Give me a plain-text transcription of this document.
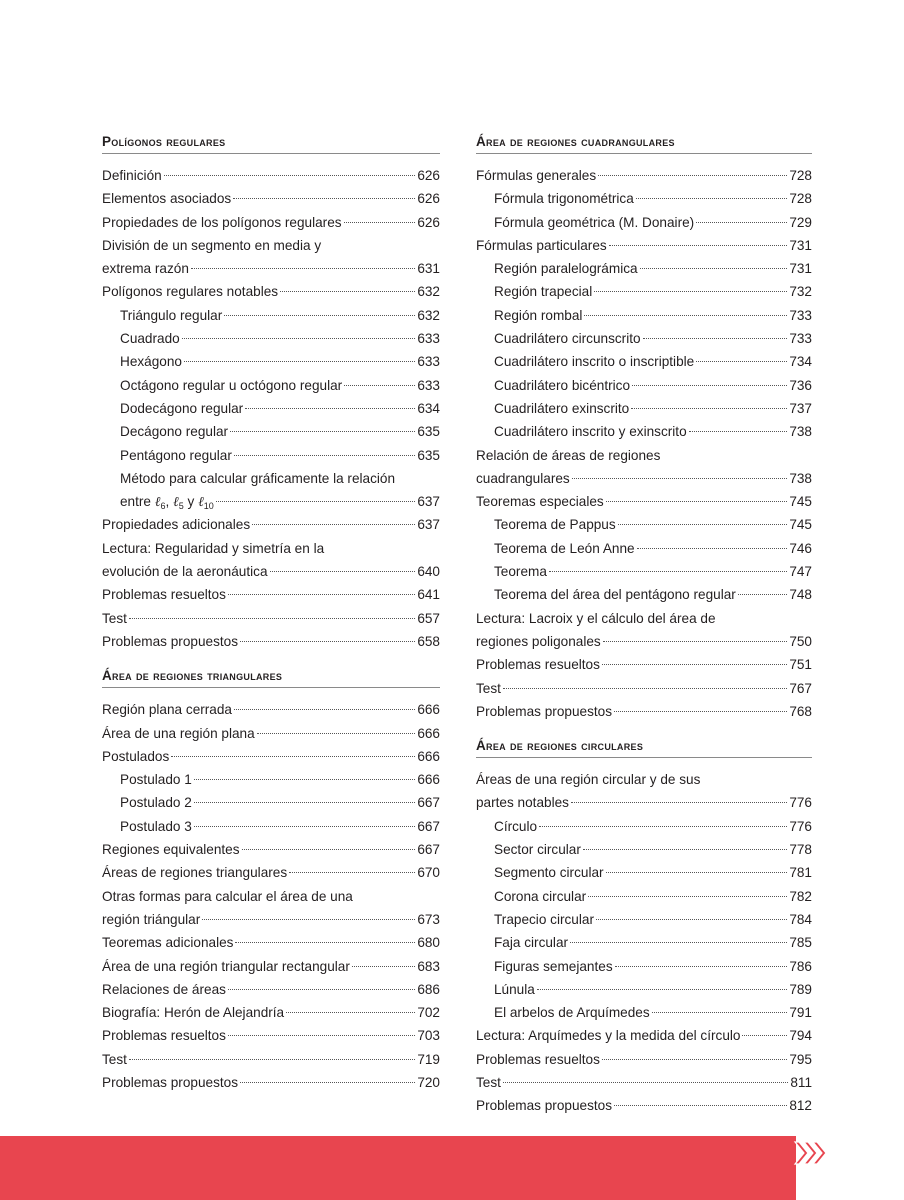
Polígonos regulares
Definición	626
Elementos asociados	626
Propiedades de los polígonos regulares	626
División de un segmento en media y
extrema razón	631
Polígonos regulares notables	632
Triángulo regular	632
Cuadrado	633
Hexágono	633
Octágono regular u octógono regular	633
Dodecágono regular	634
Decágono regular	635
Pentágono regular	635
Método para calcular gráficamente la relación
entre ℓ$_6$, ℓ$_5$ y ℓ$_{10}$	637
Propiedades adicionales	637
Lectura: Regularidad y simetría en la
evolución de la aeronáutica	640
Problemas resueltos	641
Test	657
Problemas propuestos	658
Área de regiones triangulares
Región plana cerrada	666
Área de una región plana	666
Postulados	666
Postulado 1	666
Postulado 2	667
Postulado 3	667
Regiones equivalentes	667
Áreas de regiones triangulares	670
Otras formas para calcular el área de una
región triángular	673
Teoremas adicionales	680
Área de una región triangular rectangular	683
Relaciones de áreas	686
Biografía: Herón de Alejandría	702
Problemas resueltos	703
Test	719
Problemas propuestos	720
Área de regiones cuadrangulares
Fórmulas generales	728
Fórmula trigonométrica	728
Fórmula geométrica (M. Donaire)	729
Fórmulas particulares	731
Región paralelográmica	731
Región trapecial	732
Región rombal	733
Cuadrilátero circunscrito	733
Cuadrilátero inscrito o inscriptible	734
Cuadrilátero bicéntrico	736
Cuadrilátero exinscrito	737
Cuadrilátero inscrito y exinscrito	738
Relación de áreas de regiones
cuadrangulares	738
Teoremas especiales	745
Teorema de Pappus	745
Teorema de León Anne	746
Teorema	747
Teorema del área del pentágono regular	748
Lectura: Lacroix y el cálculo del área de
regiones poligonales	750
Problemas resueltos	751
Test	767
Problemas propuestos	768
Área de regiones circulares
Áreas de una región circular y de sus
partes notables	776
Círculo	776
Sector circular	778
Segmento circular	781
Corona circular	782
Trapecio circular	784
Faja circular	785
Figuras semejantes	786
Lúnula	789
El arbelos de Arquímedes	791
Lectura: Arquímedes y la medida del círculo	794
Problemas resueltos	795
Test	811
Problemas propuestos	812
